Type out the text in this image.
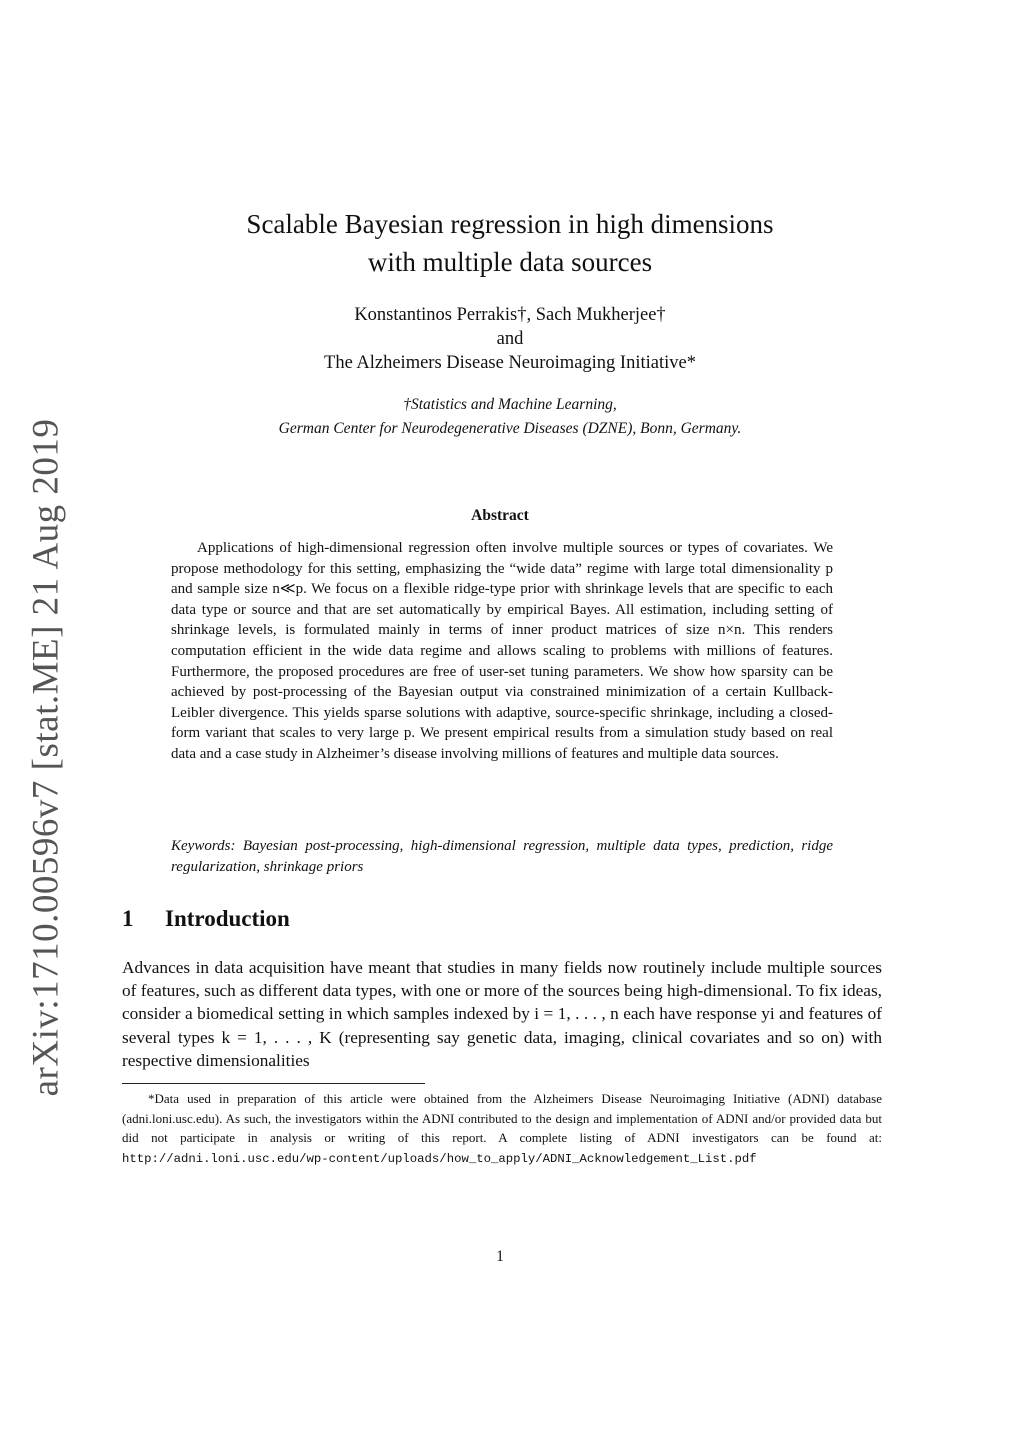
arXiv:1710.00596v7 [stat.ME] 21 Aug 2019
Scalable Bayesian regression in high dimensions
with multiple data sources
Konstantinos Perrakis†, Sach Mukherjee†
and
The Alzheimers Disease Neuroimaging Initiative*
†Statistics and Machine Learning,
German Center for Neurodegenerative Diseases (DZNE), Bonn, Germany.
Abstract

Applications of high-dimensional regression often involve multiple sources or types of covariates. We propose methodology for this setting, emphasizing the “wide data” regime with large total dimensionality p and sample size n≪p. We focus on a flexible ridge-type prior with shrinkage levels that are specific to each data type or source and that are set automatically by empirical Bayes. All estimation, including setting of shrinkage levels, is formulated mainly in terms of inner product matrices of size n×n. This renders computation efficient in the wide data regime and allows scaling to problems with millions of features. Furthermore, the proposed procedures are free of user-set tuning parameters. We show how sparsity can be achieved by post-processing of the Bayesian output via constrained minimization of a certain Kullback-Leibler divergence. This yields sparse solutions with adaptive, source-specific shrinkage, including a closed-form variant that scales to very large p. We present empirical results from a simulation study based on real data and a case study in Alzheimer’s disease involving millions of features and multiple data sources.

Keywords: Bayesian post-processing, high-dimensional regression, multiple data types, prediction, ridge regularization, shrinkage priors

1 Introduction

Advances in data acquisition have meant that studies in many fields now routinely include multiple sources of features, such as different data types, with one or more of the sources being high-dimensional. To fix ideas, consider a biomedical setting in which samples indexed by i = 1, . . . , n each have response yi and features of several types k = 1, . . . , K (representing say genetic data, imaging, clinical covariates and so on) with respective dimensionalities

*Data used in preparation of this article were obtained from the Alzheimers Disease Neuroimaging Initiative (ADNI) database (adni.loni.usc.edu). As such, the investigators within the ADNI contributed to the design and implementation of ADNI and/or provided data but did not participate in analysis or writing of this report. A complete listing of ADNI investigators can be found at: http://adni.loni.usc.edu/wp-content/uploads/how_to_apply/ADNI_Acknowledgement_List.pdf

1
